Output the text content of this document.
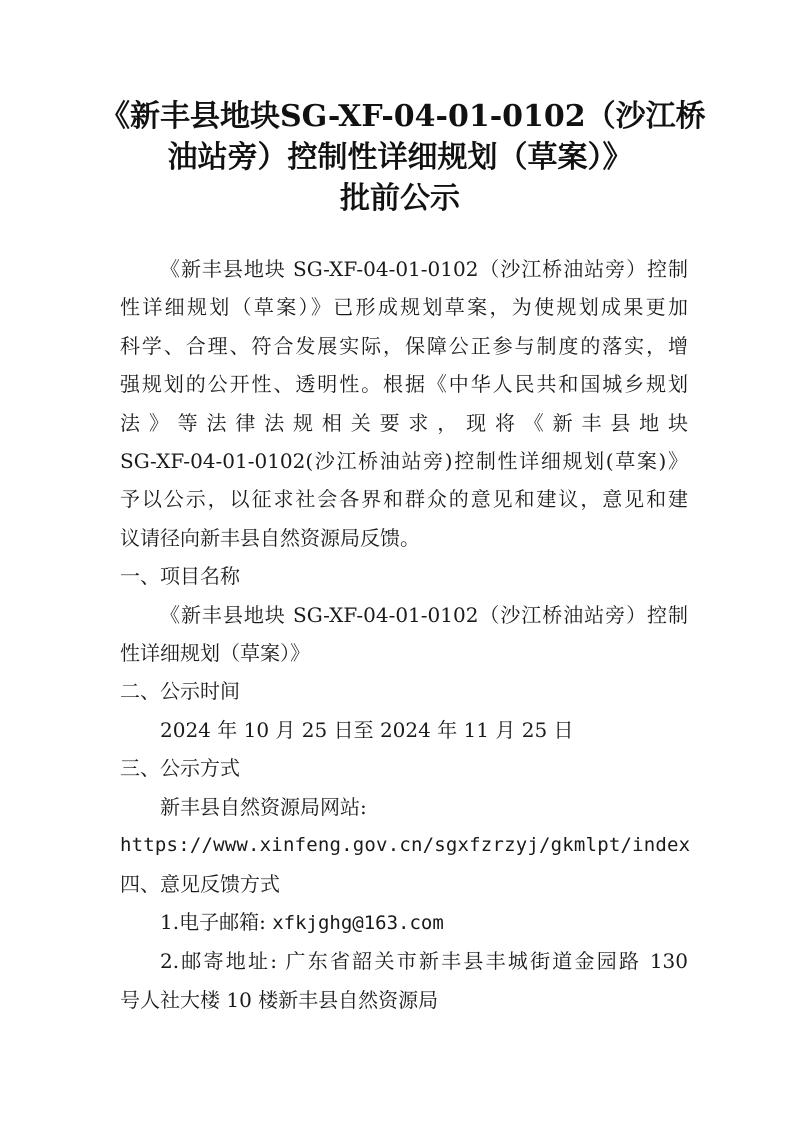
《新丰县地块SG-XF-04-01-0102（沙江桥
油站旁）控制性详细规划（草案）》
批前公示

《新丰县地块 SG-XF-04-01-0102（沙江桥油站旁）控制

性详细规划（草案）》已形成规划草案，为使规划成果更加

科学、合理、符合发展实际，保障公正参与制度的落实，增

强规划的公开性、透明性。根据《中华人民共和国城乡规划

法》等法律法规相关要求，现将《新丰县地块

SG-XF-04-01-0102(沙江桥油站旁)控制性详细规划(草案)》

予以公示，以征求社会各界和群众的意见和建议，意见和建

议请径向新丰县自然资源局反馈。

一、项目名称

《新丰县地块 SG-XF-04-01-0102（沙江桥油站旁）控制

性详细规划（草案）》

二、公示时间

2024 年 10 月 25 日至 2024 年 11 月 25 日

三、公示方式

新丰县自然资源局网站:

https://www.xinfeng.gov.cn/sgxfzrzyj/gkmlpt/index

四、意见反馈方式

1.电子邮箱: xfkjghg@163.com

2.邮寄地址: 广东省韶关市新丰县丰城街道金园路 130

号人社大楼 10 楼新丰县自然资源局
